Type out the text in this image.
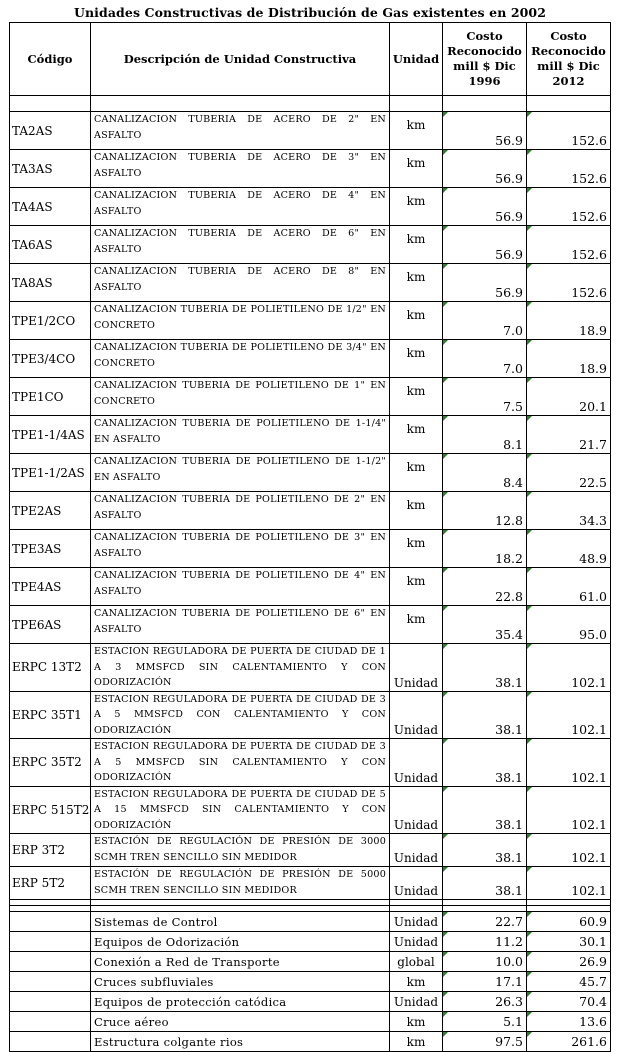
Unidades Constructivas de Distribución de Gas existentes en 2002
Código	Descripción de Unidad Constructiva	Unidad	Costo Reconocido mill $ Dic 1996	Costo Reconocido mill $ Dic 2012

TA2AS	CANALIZACION TUBERIA DE ACERO DE 2" EN ASFALTO	km	56.9	152.6
TA3AS	CANALIZACION TUBERIA DE ACERO DE 3" EN ASFALTO	km	56.9	152.6
TA4AS	CANALIZACION TUBERIA DE ACERO DE 4" EN ASFALTO	km	56.9	152.6
TA6AS	CANALIZACION TUBERIA DE ACERO DE 6" EN ASFALTO	km	56.9	152.6
TA8AS	CANALIZACION TUBERIA DE ACERO DE 8" EN ASFALTO	km	56.9	152.6
TPE1/2CO	CANALIZACION TUBERIA DE POLIETILENO DE 1/2" EN CONCRETO	km	7.0	18.9
TPE3/4CO	CANALIZACION TUBERIA DE POLIETILENO DE 3/4" EN CONCRETO	km	7.0	18.9
TPE1CO	CANALIZACION TUBERIA DE POLIETILENO DE 1" EN CONCRETO	km	7.5	20.1
TPE1-1/4AS	CANALIZACION TUBERIA DE POLIETILENO DE 1-1/4" EN ASFALTO	km	8.1	21.7
TPE1-1/2AS	CANALIZACION TUBERIA DE POLIETILENO DE 1-1/2" EN ASFALTO	km	8.4	22.5
TPE2AS	CANALIZACION TUBERIA DE POLIETILENO DE 2" EN ASFALTO	km	12.8	34.3
TPE3AS	CANALIZACION TUBERIA DE POLIETILENO DE 3" EN ASFALTO	km	18.2	48.9
TPE4AS	CANALIZACION TUBERIA DE POLIETILENO DE 4" EN ASFALTO	km	22.8	61.0
TPE6AS	CANALIZACION TUBERIA DE POLIETILENO DE 6" EN ASFALTO	km	35.4	95.0
ERPC 13T2	ESTACION REGULADORA DE PUERTA DE CIUDAD DE 1 A 3 MMSFCD SIN CALENTAMIENTO Y CON ODORIZACIÓN	Unidad	38.1	102.1
ERPC 35T1	ESTACION REGULADORA DE PUERTA DE CIUDAD DE 3 A 5 MMSFCD CON CALENTAMIENTO Y CON ODORIZACIÓN	Unidad	38.1	102.1
ERPC 35T2	ESTACION REGULADORA DE PUERTA DE CIUDAD DE 3 A 5 MMSFCD SIN CALENTAMIENTO Y CON ODORIZACIÓN	Unidad	38.1	102.1
ERPC 515T2	ESTACION REGULADORA DE PUERTA DE CIUDAD DE 5 A 15 MMSFCD SIN CALENTAMIENTO Y CON ODORIZACIÓN	Unidad	38.1	102.1
ERP 3T2	ESTACIÓN DE REGULACIÓN DE PRESIÓN DE 3000 SCMH TREN SENCILLO SIN MEDIDOR	Unidad	38.1	102.1
ERP 5T2	ESTACIÓN DE REGULACIÓN DE PRESIÓN DE 5000 SCMH TREN SENCILLO SIN MEDIDOR	Unidad	38.1	102.1

	Sistemas de Control	Unidad	22.7	60.9
	Equipos de Odorización	Unidad	11.2	30.1
	Conexión a Red de Transporte	global	10.0	26.9
	Cruces subfluviales	km	17.1	45.7
	Equipos de protección catódica	Unidad	26.3	70.4
	Cruce aéreo	km	5.1	13.6
	Estructura colgante rios	km	97.5	261.6
